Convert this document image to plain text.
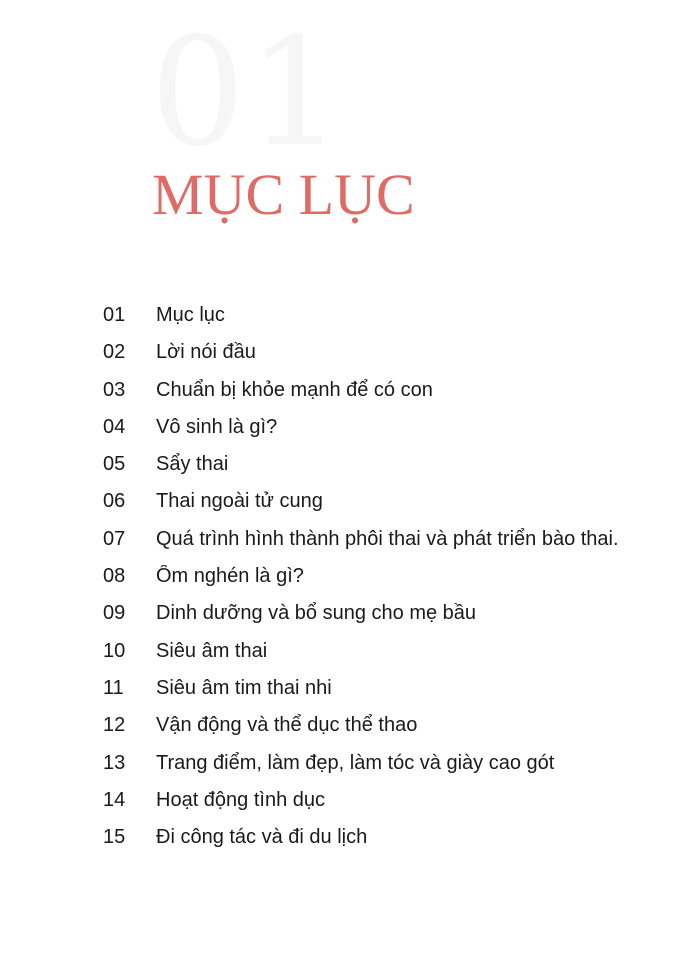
01
MỤC LỤC
01	Mục lục
02	Lời nói đầu
03	Chuẩn bị khỏe mạnh để có con
04	Vô sinh là gì?
05	Sẩy thai
06	Thai ngoài tử cung
07	Quá trình hình thành phôi thai và phát triển bào thai.
08	Ốm nghén là gì?
09	Dinh dưỡng và bổ sung cho mẹ bầu
10	Siêu âm thai
11	Siêu âm tim thai nhi
12	Vận động và thể dục thể thao
13	Trang điểm, làm đẹp, làm tóc và giày cao gót
14	Hoạt động tình dục
15	Đi công tác và đi du lịch
